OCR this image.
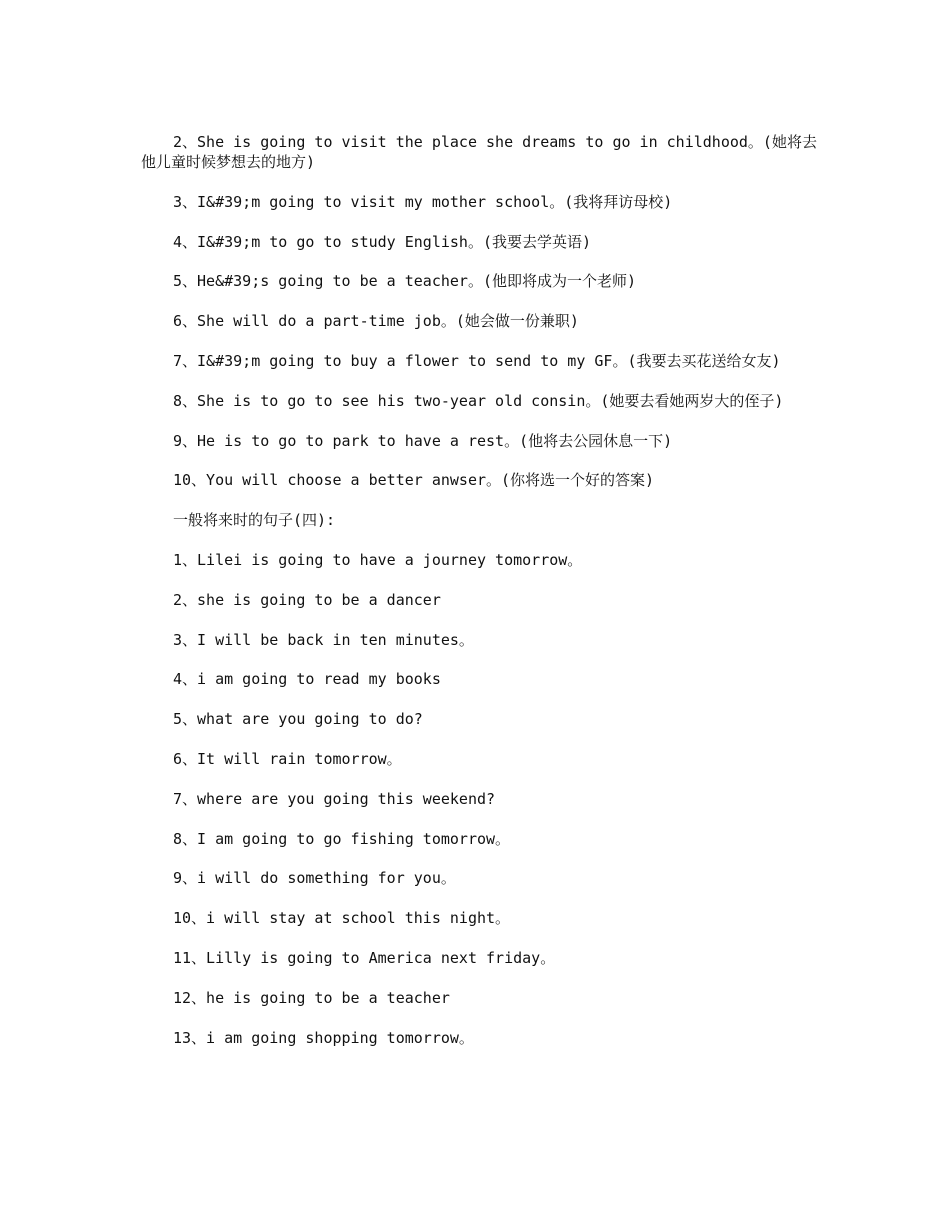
2、She is going to visit the place she dreams to go in childhood。(她将去他儿童时候梦想去的地方)

3、I&#39;m going to visit my mother school。(我将拜访母校)

4、I&#39;m to go to study English。(我要去学英语)

5、He&#39;s going to be a teacher。(他即将成为一个老师)

6、She will do a part-time job。(她会做一份兼职)

7、I&#39;m going to buy a flower to send to my GF。(我要去买花送给女友)

8、She is to go to see his two-year old consin。(她要去看她两岁大的侄子)

9、He is to go to park to have a rest。(他将去公园休息一下)

10、You will choose a better anwser。(你将选一个好的答案)

一般将来时的句子(四):

1、Lilei is going to have a journey tomorrow。

2、she is going to be a dancer

3、I will be back in ten minutes。

4、i am going to read my books

5、what are you going to do?

6、It will rain tomorrow。

7、where are you going this weekend?

8、I am going to go fishing tomorrow。

9、i will do something for you。

10、i will stay at school this night。

11、Lilly is going to America next friday。

12、he is going to be a teacher

13、i am going shopping tomorrow。
